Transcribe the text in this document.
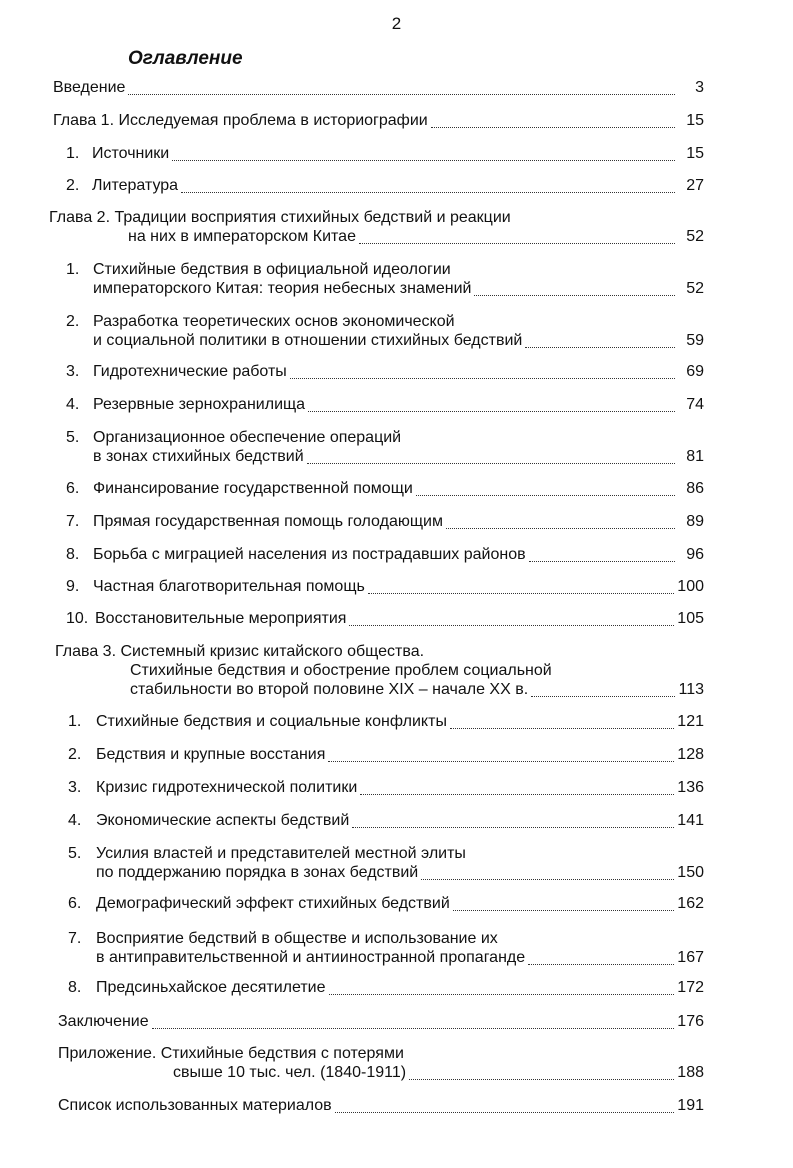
2
Оглавление
Введение	3
Глава 1. Исследуемая проблема в историографии	15
1. Источники	15
2. Литература	27
Глава 2. Традиции восприятия стихийных бедствий и реакции
на них в императорском Китае	52
1. Стихийные бедствия в официальной идеологии
императорского Китая: теория небесных знамений	52
2. Разработка теоретических основ экономической
и социальной политики в отношении стихийных бедствий	59
3. Гидротехнические работы	69
4. Резервные зернохранилища	74
5. Организационное обеспечение операций
в зонах стихийных бедствий	81
6. Финансирование государственной помощи	86
7. Прямая государственная помощь голодающим	89
8. Борьба с миграцией населения из пострадавших районов	96
9. Частная благотворительная помощь	100
10. Восстановительные мероприятия	105
Глава 3. Системный кризис китайского общества.
Стихийные бедствия и обострение проблем социальной
стабильности во второй половине XIX – начале XX в.	113
1. Стихийные бедствия и социальные конфликты	121
2. Бедствия и крупные восстания	128
3. Кризис гидротехнической политики	136
4. Экономические аспекты бедствий	141
5. Усилия властей и представителей местной элиты
по поддержанию порядка в зонах бедствий	150
6. Демографический эффект стихийных бедствий	162
7. Восприятие бедствий в обществе и использование их
в антиправительственной и антииностранной пропаганде	167
8. Предсиньхайское десятилетие	172
Заключение	176
Приложение. Стихийные бедствия с потерями
свыше 10 тыс. чел. (1840-1911)	188
Список использованных материалов	191
